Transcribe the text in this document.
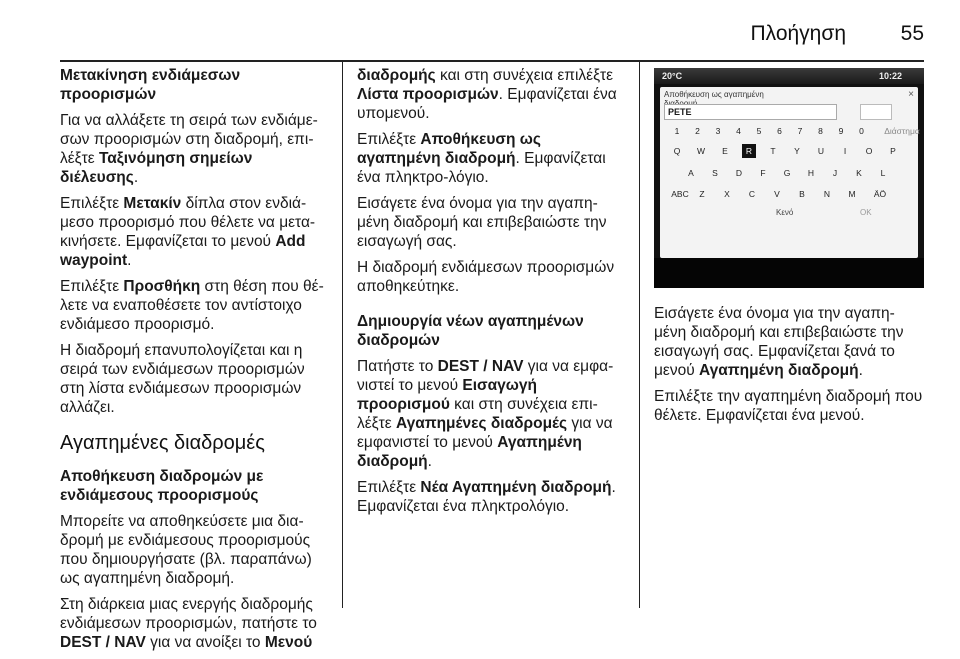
Πλοήγηση	55

Μετακίνηση ενδιάμεσων προορισμών

Για να αλλάξετε τη σειρά των ενδιάμε-σων προορισμών στη διαδρομή, επι-λέξτε Ταξινόμηση σημείων διέλευσης.

Επιλέξτε Μετακίν δίπλα στον ενδιά-μεσο προορισμό που θέλετε να μετα-κινήσετε. Εμφανίζεται το μενού Add waypoint.

Επιλέξτε Προσθήκη στη θέση που θέ-λετε να εναποθέσετε τον αντίστοιχο ενδιάμεσο προορισμό.

Η διαδρομή επανυπολογίζεται και η σειρά των ενδιάμεσων προορισμών στη λίστα ενδιάμεσων προορισμών αλλάζει.

Αγαπημένες διαδρομές

Αποθήκευση διαδρομών με ενδιάμεσους προορισμούς

Μπορείτε να αποθηκεύσετε μια δια-δρομή με ενδιάμεσους προορισμούς που δημιουργήσατε (βλ. παραπάνω) ως αγαπημένη διαδρομή.

Στη διάρκεια μιας ενεργής διαδρομής ενδιάμεσων προορισμών, πατήστε το DEST / NAV για να ανοίξει το Μενού

διαδρομής και στη συνέχεια επιλέξτε Λίστα προορισμών. Εμφανίζεται ένα υπομενού.

Επιλέξτε Αποθήκευση ως αγαπημένη διαδρομή. Εμφανίζεται ένα πληκτρο-λόγιο.

Εισάγετε ένα όνομα για την αγαπη-μένη διαδρομή και επιβεβαιώστε την εισαγωγή σας.

Η διαδρομή ενδιάμεσων προορισμών αποθηκεύτηκε.

Δημιουργία νέων αγαπημένων διαδρομών

Πατήστε το DEST / NAV για να εμφα-νιστεί το μενού Εισαγωγή προορισμού και στη συνέχεια επι-λέξτε Αγαπημένες διαδρομές για να εμφανιστεί το μενού Αγαπημένη διαδρομή.

Επιλέξτε Νέα Αγαπημένη διαδρομή. Εμφανίζεται ένα πληκτρολόγιο.

20°C	10:22
Αποθήκευση ως αγαπημένη	×
PETE
1	2	3	4	5	6	7	8	9	0	Διάστημα
Q	W	E	R	T	Y	U	I	O	P
A	S	D	F	G	H	J	K	L
ABC	Z	X	C	V	B	N	M	ÄÖ
Κενό	OK

Εισάγετε ένα όνομα για την αγαπη-μένη διαδρομή και επιβεβαιώστε την εισαγωγή σας. Εμφανίζεται ξανά το μενού Αγαπημένη διαδρομή.

Επιλέξτε την αγαπημένη διαδρομή που θέλετε. Εμφανίζεται ένα μενού.
